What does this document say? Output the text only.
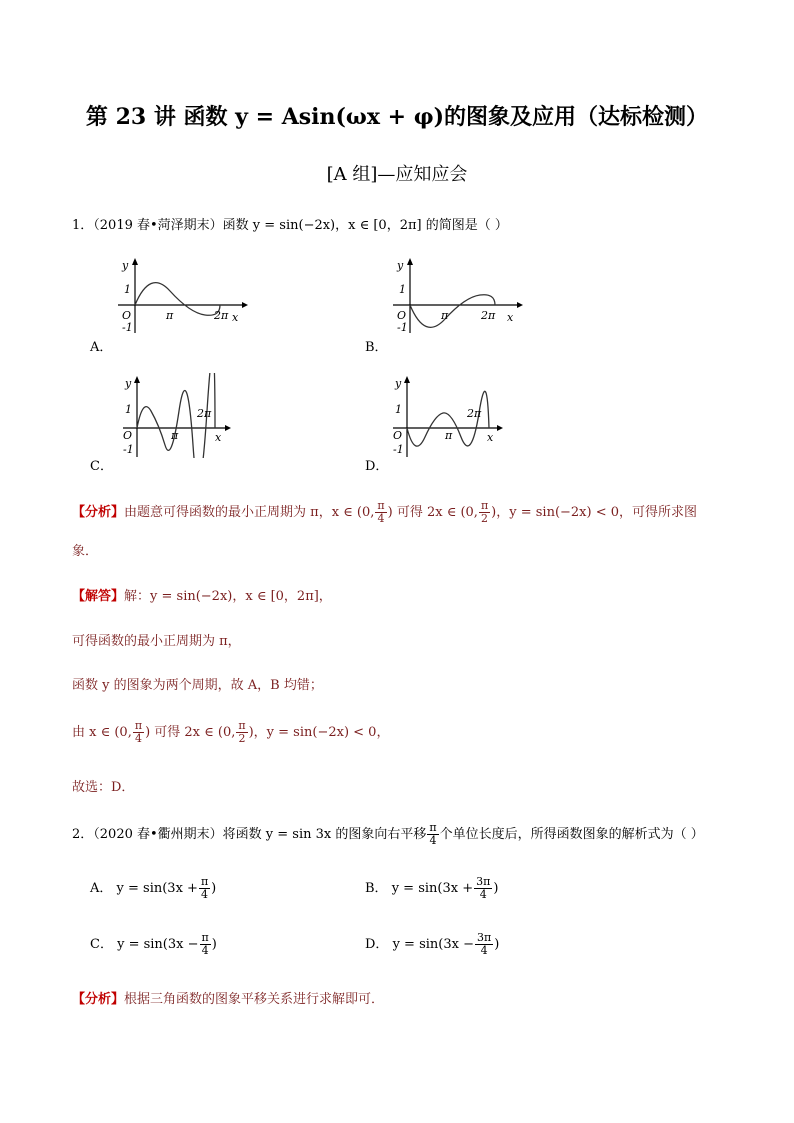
第 23 讲 函数 y = Asin(ωx + φ)的图象及应用（达标检测）
[A 组]—应知应会
1．（2019 春•菏泽期末）函数 y = sin(−2x)，x ∈ [0，2π] 的简图是（ ）
y
1
O
-1
π	2π x
A．
y
1
O
-1
π	2π x
B．
y
1
O
-1
π
2π
x
C．
y
1
O
-1
π
2π
x
D．
【分析】由题意可得函数的最小正周期为 π，x ∈ (0, $\frac{\pi}{4}$ ) 可得 2x ∈ (0, $\frac{\pi}{2}$ )，y = sin(−2x) < 0，可得所求图
象．
【解答】解：y = sin(−2x)，x ∈ [0，2π]，
可得函数的最小正周期为 π，
函数 y 的图象为两个周期，故 A，B 均错；
由 x ∈ (0, $\frac{\pi}{4}$ ) 可得 2x ∈ (0, $\frac{\pi}{2}$ )，y = sin(−2x) < 0，
故选：D．
2．（2020 春•衢州期末）将函数 y = sin 3x 的图象向右平移 $\frac{\pi}{4}$ 个单位长度后，所得函数图象的解析式为（ ）
A． $y = \sin(3x + \frac{\pi}{4}$ )	B． $y = \sin(3x + \frac{3\pi}{4}$ )
C． $y = \sin(3x - \frac{\pi}{4}$ )	D． $y = \sin(3x - \frac{3\pi}{4}$ )
【分析】根据三角函数的图象平移关系进行求解即可．
